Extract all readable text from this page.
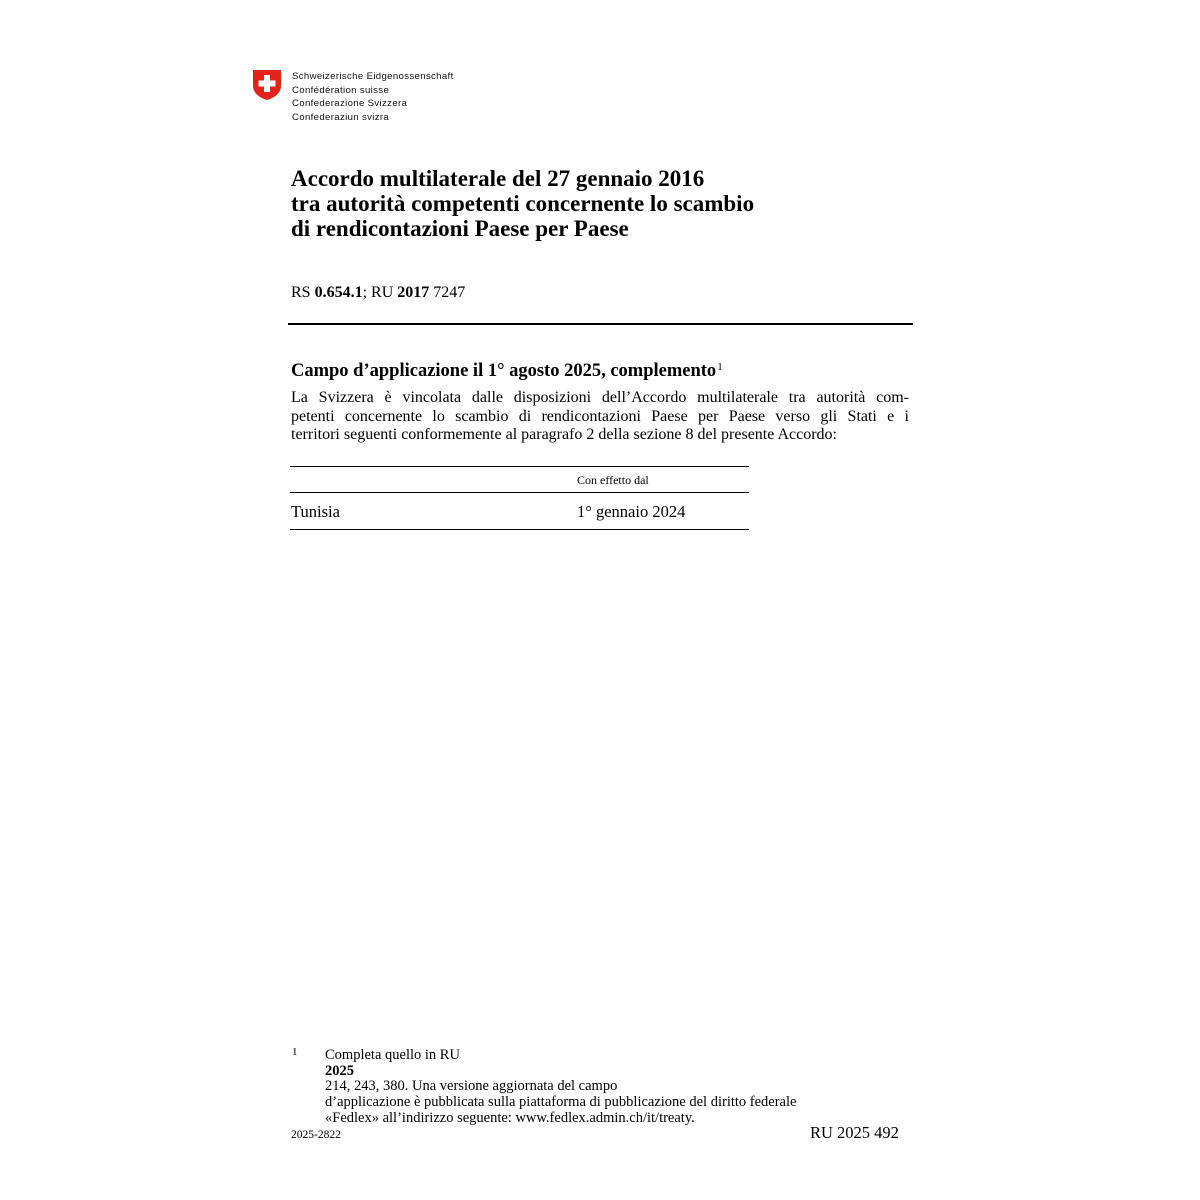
Schweizerische Eidgenossenschaft
Confédération suisse
Confederazione Svizzera
Confederaziun svizra
Accordo multilaterale del 27 gennaio 2016
tra autorità competenti concernente lo scambio
di rendicontazioni Paese per Paese
RS 0.654.1; RU 2017 7247
Campo d’applicazione il 1° agosto 2025, complemento$^1$
La Svizzera è vincolata dalle disposizioni dell’Accordo multilaterale tra autorità com-
petenti concernente lo scambio di rendicontazioni Paese per Paese verso gli Stati e i
territori seguenti conformemente al paragrafo 2 della sezione 8 del presente Accordo:
Con effetto dal
Tunisia	1° gennaio 2024
1 Completa quello in RU
2025
214, 243, 380. Una versione aggiornata del campo
d’applicazione è pubblicata sulla piattaforma di pubblicazione del diritto federale
«Fedlex» all’indirizzo seguente: www.fedlex.admin.ch/it/treaty.
2025-2822	RU 2025 492
